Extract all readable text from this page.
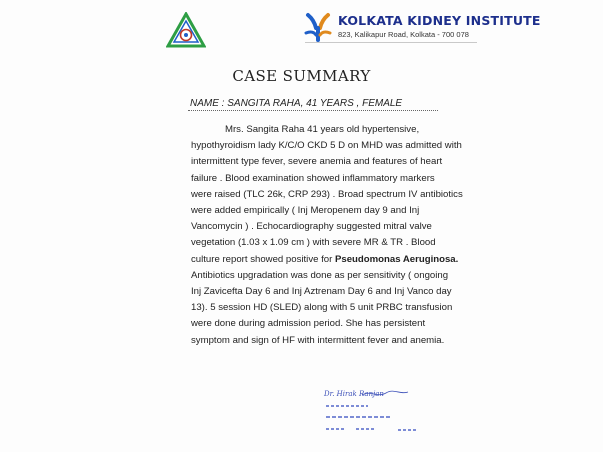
KOLKATA KIDNEY INSTITUTE
823, Kalikapur Road, Kolkata - 700 078
CASE SUMMARY
NAME : SANGITA RAHA, 41 YEARS , FEMALE
Mrs. Sangita Raha 41 years old hypertensive,
hypothyroidism lady K/C/O CKD 5 D on MHD was admitted with
intermittent type fever, severe anemia and features of heart
failure . Blood examination showed inflammatory markers
were raised (TLC 26k, CRP 293) . Broad spectrum IV antibiotics
were added empirically ( Inj Meropenem day 9 and Inj
Vancomycin ) . Echocardiography suggested mitral valve
vegetation (1.03 x 1.09 cm ) with severe MR & TR . Blood
culture report showed positive for Pseudomonas Aeruginosa.
Antibiotics upgradation was done as per sensitivity ( ongoing
Inj Zavicefta Day 6 and Inj Aztrenam Day 6 and Inj Vanco day
13). 5 session HD (SLED) along with 5 unit PRBC transfusion
were done during admission period. She has persistent
symptom and sign of HF with intermittent fever and anemia.
Dr. Hirak Ranjan
